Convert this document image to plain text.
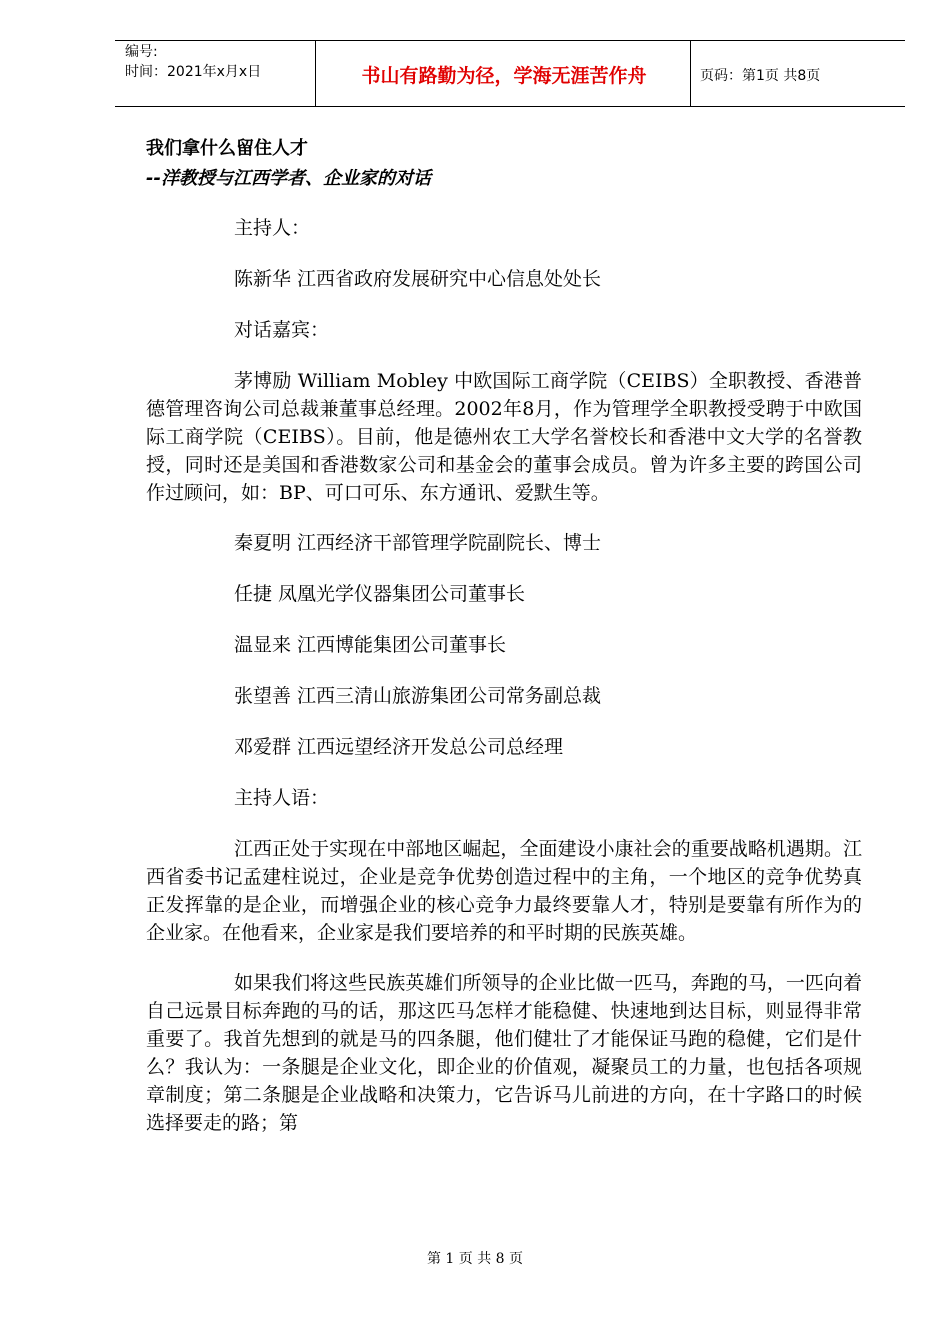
编号:
时间：2021年x月x日	书山有路勤为径，学海无涯苦作舟	页码：第1页 共8页
我们拿什么留住人才
--洋教授与江西学者、企业家的对话

主持人：

陈新华 江西省政府发展研究中心信息处处长

对话嘉宾：

茅博励 William Mobley 中欧国际工商学院（CEIBS）全职教授、香港普德管理咨询公司总裁兼董事总经理。2002年8月，作为管理学全职教授受聘于中欧国际工商学院（CEIBS）。目前，他是德州农工大学名誉校长和香港中文大学的名誉教授，同时还是美国和香港数家公司和基金会的董事会成员。曾为许多主要的跨国公司作过顾问，如：BP、可口可乐、东方通讯、爱默生等。

秦夏明 江西经济干部管理学院副院长、博士

任捷 凤凰光学仪器集团公司董事长

温显来 江西博能集团公司董事长

张望善 江西三清山旅游集团公司常务副总裁

邓爱群 江西远望经济开发总公司总经理

主持人语：

江西正处于实现在中部地区崛起，全面建设小康社会的重要战略机遇期。江西省委书记孟建柱说过，企业是竞争优势创造过程中的主角，一个地区的竞争优势真正发挥靠的是企业，而增强企业的核心竞争力最终要靠人才，特别是要靠有所作为的企业家。在他看来，企业家是我们要培养的和平时期的民族英雄。

如果我们将这些民族英雄们所领导的企业比做一匹马，奔跑的马，一匹向着自己远景目标奔跑的马的话，那这匹马怎样才能稳健、快速地到达目标，则显得非常重要了。我首先想到的就是马的四条腿，他们健壮了才能保证马跑的稳健，它们是什么？我认为：一条腿是企业文化，即企业的价值观，凝聚员工的力量，也包括各项规章制度；第二条腿是企业战略和决策力，它告诉马儿前进的方向，在十字路口的时候选择要走的路；第

第 1 页 共 8 页
